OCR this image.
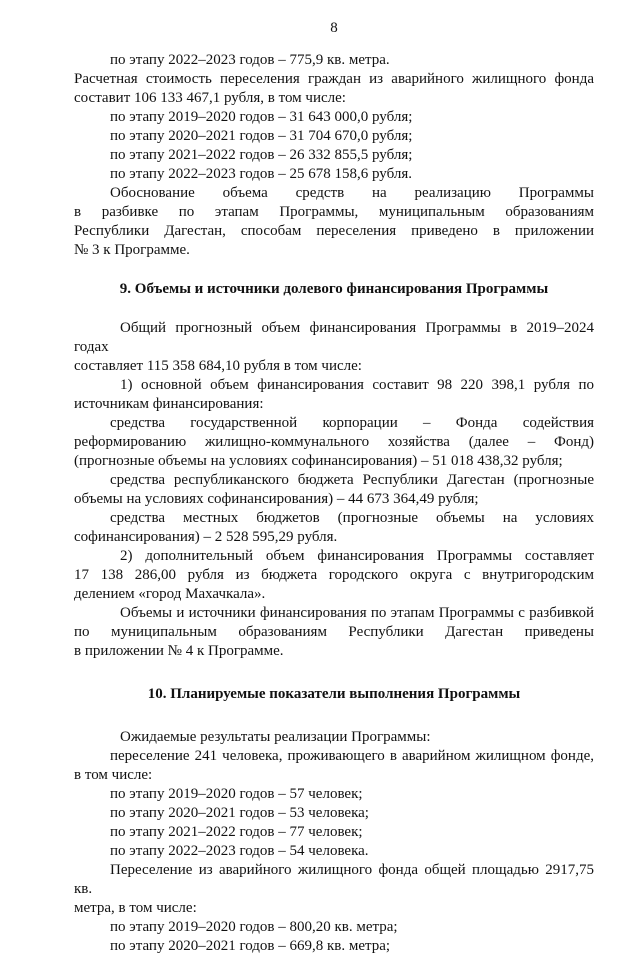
8

по этапу 2022–2023 годов – 775,9 кв. метра.

Расчетная стоимость переселения граждан из аварийного жилищного фонда

составит 106 133 467,1 рубля, в том числе:

по этапу 2019–2020 годов – 31 643 000,0 рубля;

по этапу 2020–2021 годов – 31 704 670,0 рубля;

по этапу 2021–2022 годов – 26 332 855,5 рубля;

по этапу 2022–2023 годов – 25 678 158,6 рубля.

Обоснование объема средств на реализацию Программы

в разбивке по этапам Программы, муниципальным образованиям

Республики Дагестан, способам переселения приведено в приложении

№ 3 к Программе.

9. Объемы и источники долевого финансирования Программы

Общий прогнозный объем финансирования Программы в 2019–2024 годах

составляет 115 358 684,10 рубля в том числе:

1) основной объем финансирования составит 98 220 398,1 рубля по

источникам финансирования:

средства государственной корпорации – Фонда содействия

реформированию жилищно-коммунального хозяйства (далее – Фонд)

(прогнозные объемы на условиях софинансирования) – 51 018 438,32 рубля;

средства республиканского бюджета Республики Дагестан (прогнозные

объемы на условиях софинансирования) – 44 673 364,49 рубля;

средства местных бюджетов (прогнозные объемы на условиях

софинансирования) – 2 528 595,29 рубля.

2) дополнительный объем финансирования Программы составляет

17 138 286,00 рубля из бюджета городского округа с внутригородским

делением «город Махачкала».

Объемы и источники финансирования по этапам Программы с разбивкой

по муниципальным образованиям Республики Дагестан приведены

в приложении № 4 к Программе.

10. Планируемые показатели выполнения Программы

Ожидаемые результаты реализации Программы:

переселение 241 человека, проживающего в аварийном жилищном фонде,

в том числе:

по этапу 2019–2020 годов – 57 человек;

по этапу 2020–2021 годов – 53 человека;

по этапу 2021–2022 годов – 77 человек;

по этапу 2022–2023 годов – 54 человека.

Переселение из аварийного жилищного фонда общей площадью 2917,75 кв.

метра, в том числе:

по этапу 2019–2020 годов – 800,20 кв. метра;

по этапу 2020–2021 годов – 669,8 кв. метра;
